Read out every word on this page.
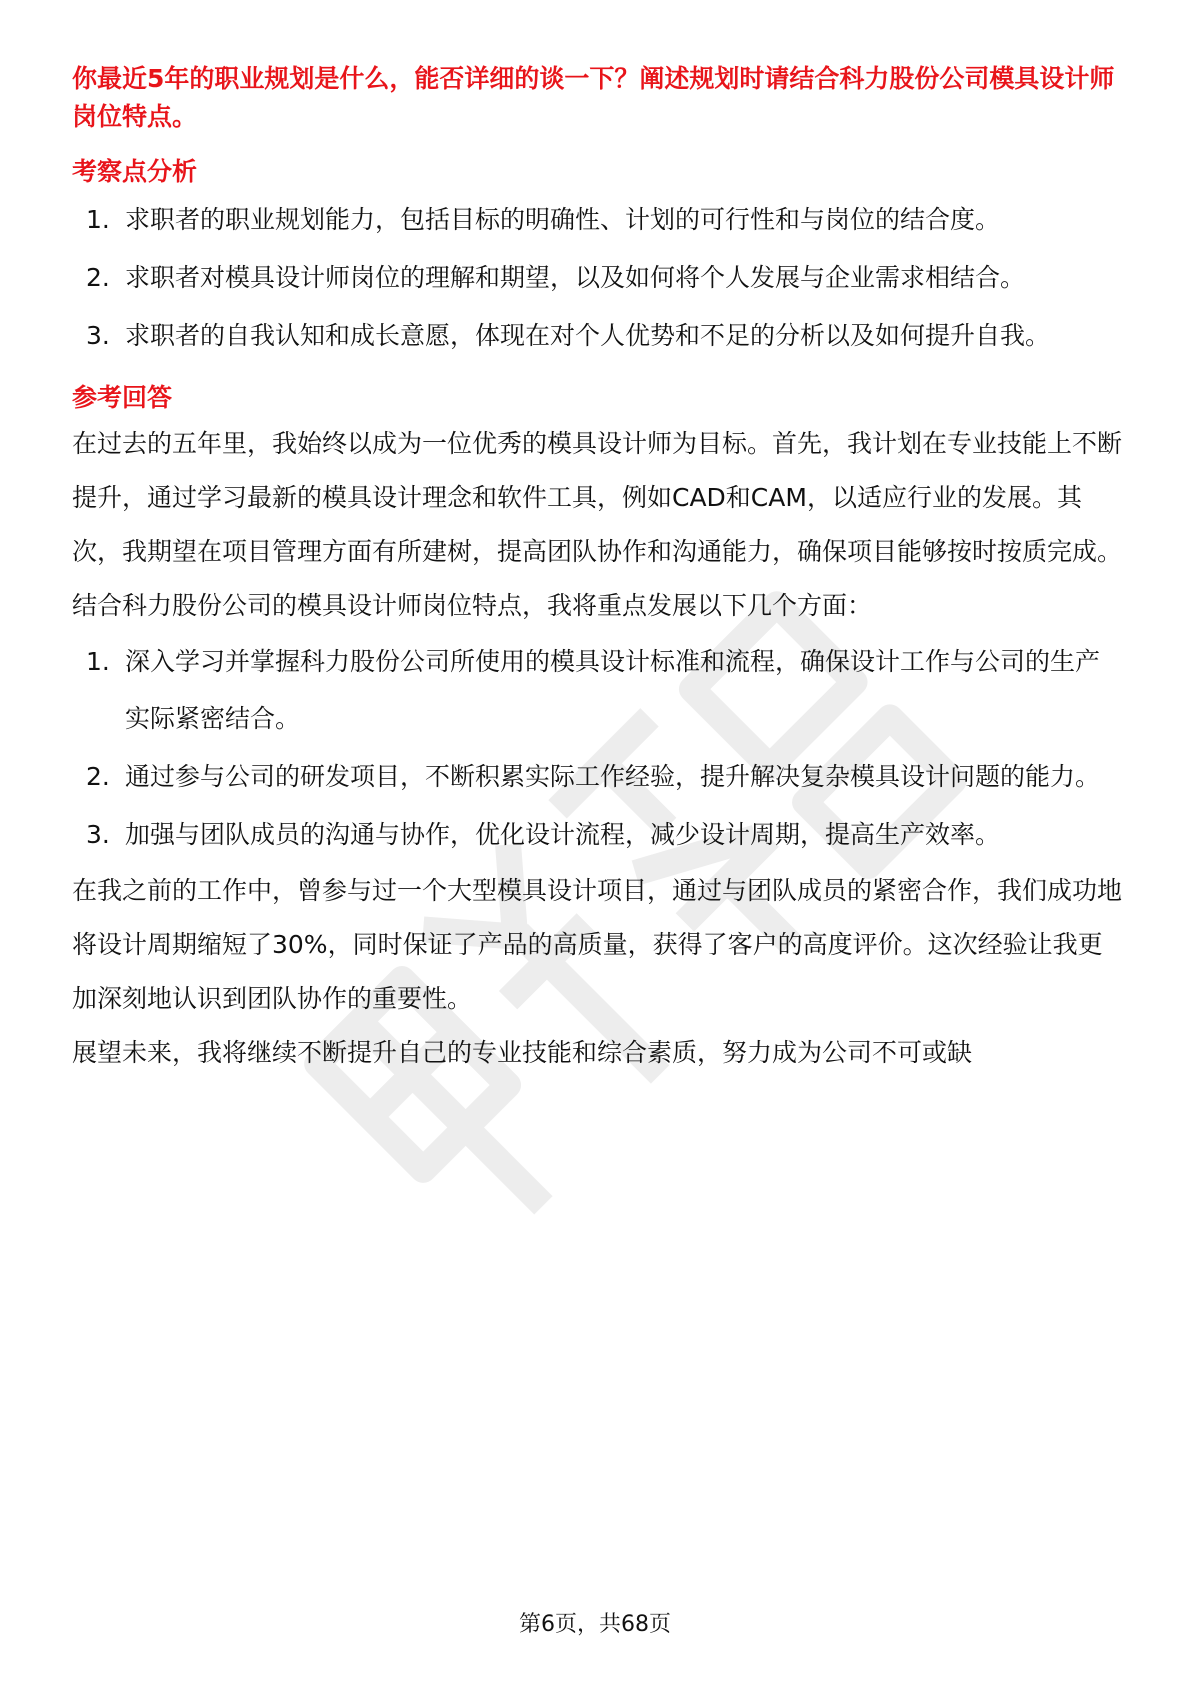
你最近5年的职业规划是什么，能否详细的谈一下？阐述规划时请结合科力股份公司模具设计师岗位特点。

考察点分析
1. 求职者的职业规划能力，包括目标的明确性、计划的可行性和与岗位的结合度。
2. 求职者对模具设计师岗位的理解和期望，以及如何将个人发展与企业需求相结合。
3. 求职者的自我认知和成长意愿，体现在对个人优势和不足的分析以及如何提升自我。
参考回答

在过去的五年里，我始终以成为一位优秀的模具设计师为目标。首先，我计划在专业技能上不断提升，通过学习最新的模具设计理念和软件工具，例如CAD和CAM，以适应行业的发展。其次，我期望在项目管理方面有所建树，提高团队协作和沟通能力，确保项目能够按时按质完成。结合科力股份公司的模具设计师岗位特点，我将重点发展以下几个方面：

1. 深入学习并掌握科力股份公司所使用的模具设计标准和流程，确保设计工作与公司的生产实际紧密结合。
2. 通过参与公司的研发项目，不断积累实际工作经验，提升解决复杂模具设计问题的能力。
3. 加强与团队成员的沟通与协作，优化设计流程，减少设计周期，提高生产效率。

在我之前的工作中，曾参与过一个大型模具设计项目，通过与团队成员的紧密合作，我们成功地将设计周期缩短了30%，同时保证了产品的高质量，获得了客户的高度评价。这次经验让我更加深刻地认识到团队协作的重要性。

展望未来，我将继续不断提升自己的专业技能和综合素质，努力成为公司不可或缺

第6页，共68页
